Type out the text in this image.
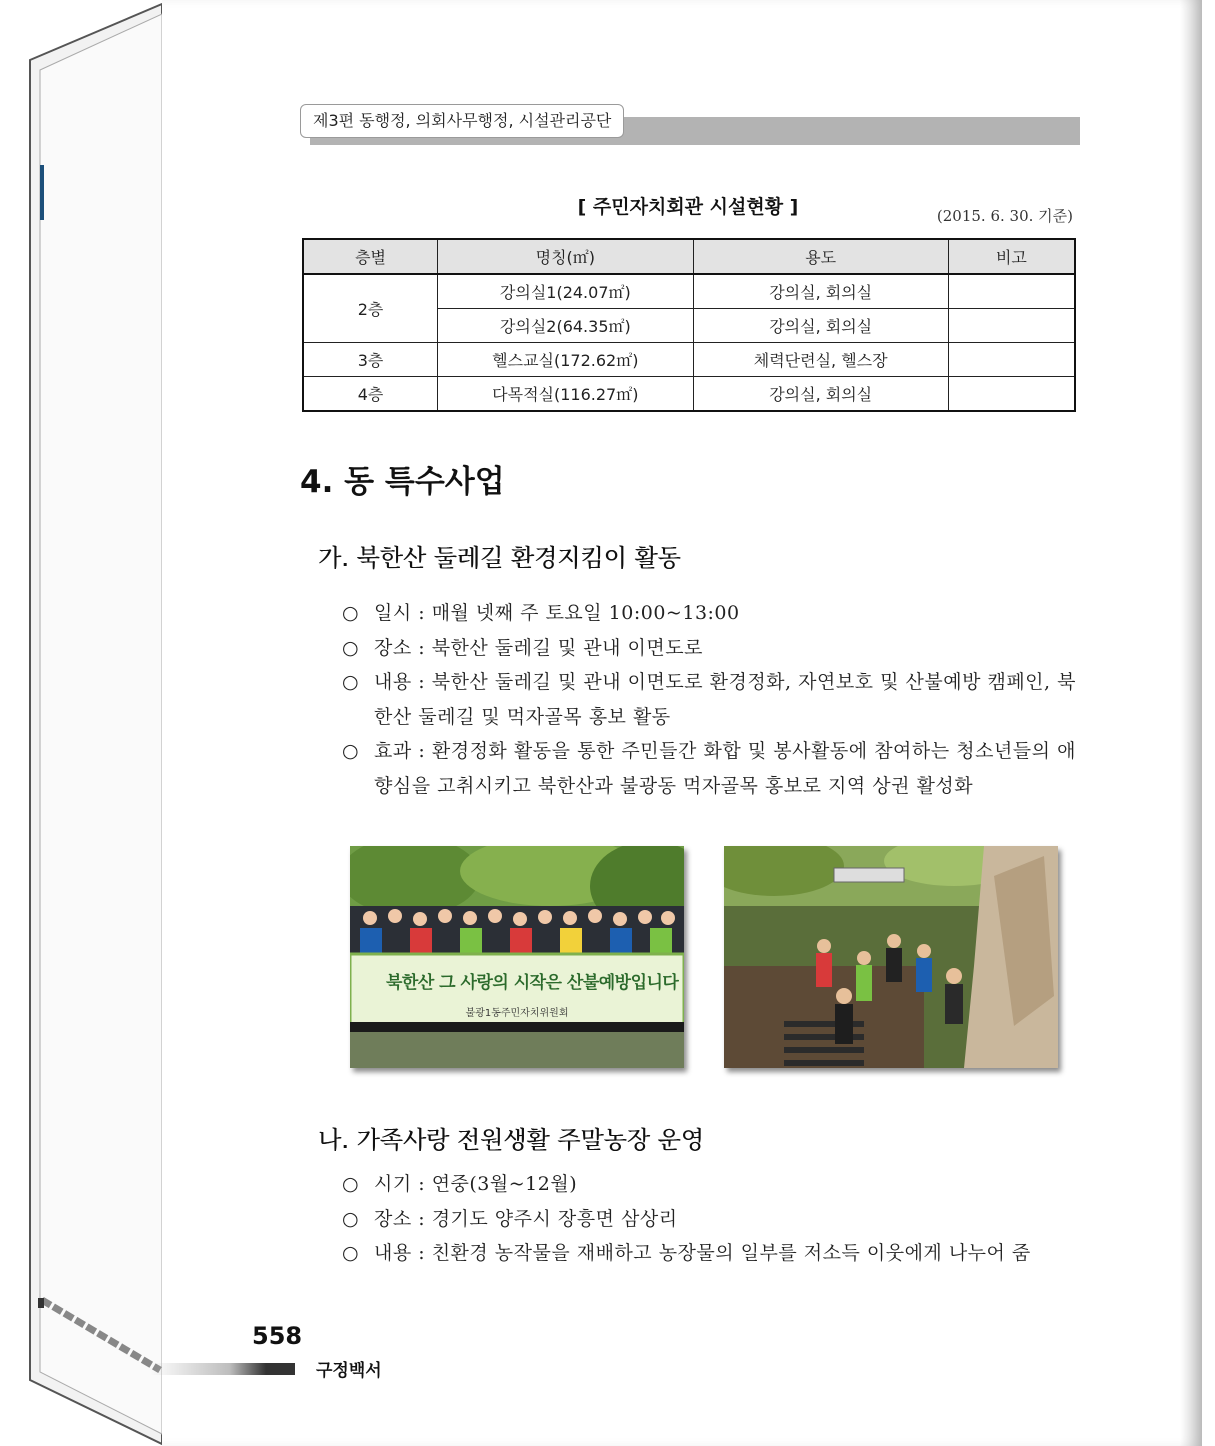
제3편 동행정, 의회사무행정, 시설관리공단
[ 주민자치회관 시설현황 ]	(2015. 6. 30. 기준)
층별	명칭(㎡)	용도	비고
2층	강의실1(24.07㎡)	강의실, 회의실	
	강의실2(64.35㎡)	강의실, 회의실	
3층	헬스교실(172.62㎡)	체력단련실, 헬스장	
4층	다목적실(116.27㎡)	강의실, 회의실	
4. 동 특수사업
가. 북한산 둘레길 환경지킴이 활동
○ 일시 : 매월 넷째 주 토요일 10:00~13:00
○ 장소 : 북한산 둘레길 및 관내 이면도로
○ 내용 : 북한산 둘레길 및 관내 이면도로 환경정화, 자연보호 및 산불예방 캠페인, 북한산 둘레길 및 먹자골목 홍보 활동
○ 효과 : 환경정화 활동을 통한 주민들간 화합 및 봉사활동에 참여하는 청소년들의 애향심을 고취시키고 북한산과 불광동 먹자골목 홍보로 지역 상권 활성화
북한산 그 사랑의 시작은 산불예방입니다
불광1동주민자치위원회
나. 가족사랑 전원생활 주말농장 운영
○ 시기 : 연중(3월~12월)
○ 장소 : 경기도 양주시 장흥면 삼상리
○ 내용 : 친환경 농작물을 재배하고 농장물의 일부를 저소득 이웃에게 나누어 줌
558
구정백서
